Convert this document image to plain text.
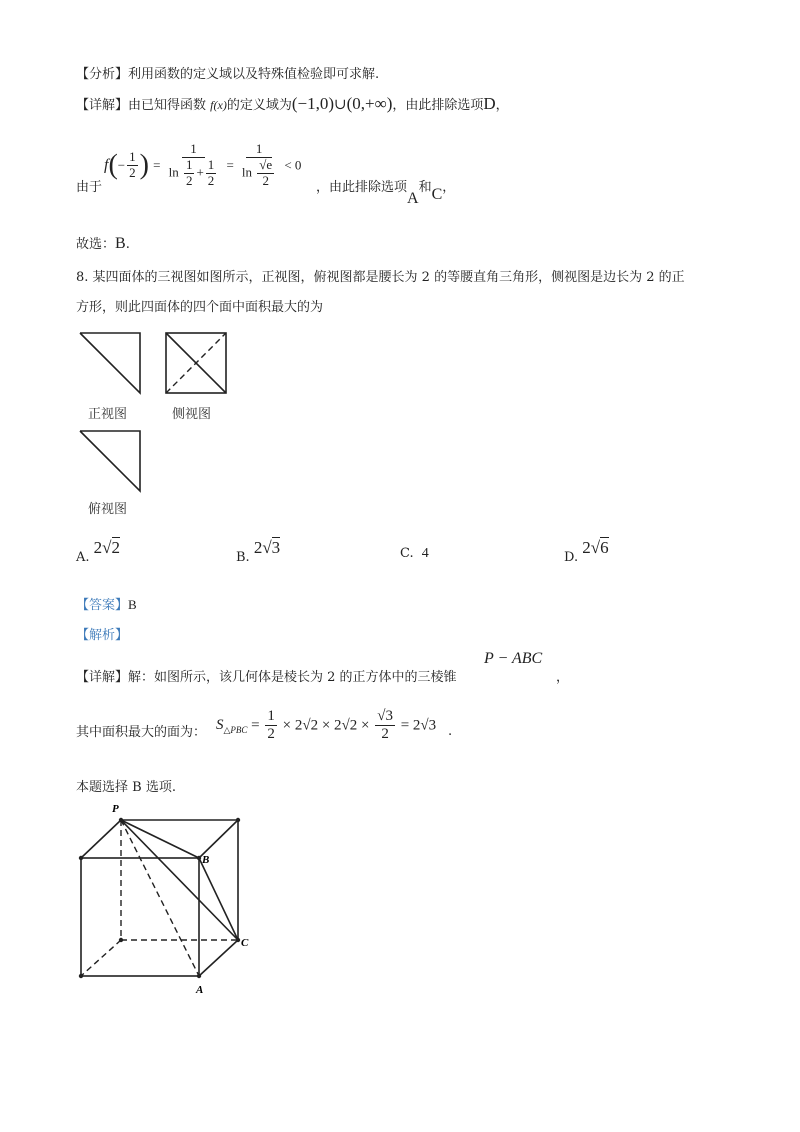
【分析】利用函数的定义域以及特殊值检验即可求解.
【详解】由已知得函数 f(x)的定义域为(−1,0)∪(0,+∞)，由此排除选项D，
$f(- \frac{1}{2}$ ) = $\frac{1}{\ln \frac{1}{2} + \frac{1}{2}} = \frac{1}{\ln \frac{√e}{2}} < 0$
由于	，由此排除选项A和C，
故选：B.
8. 某四面体的三视图如图所示，正视图，俯视图都是腰长为 2 的等腰直角三角形，侧视图是边长为 2 的正
方形，则此四面体的四个面中面积最大的为
正视图	侧视图
俯视图
A. 2√2
B. 2√3	C. 4	D. 2√6
【答案】B
【解析】
【详解】解：如图所示，该几何体是棱长为 2 的正方体中的三棱锥
P − ABC
，
其中面积最大的面为： $S_{\triangle PBC} = \frac{1}{2} \times 2√2 \times 2√2 \times \frac{√3}{2} = 2√3$ .
本题选择 B 选项.
P
B
C
A
